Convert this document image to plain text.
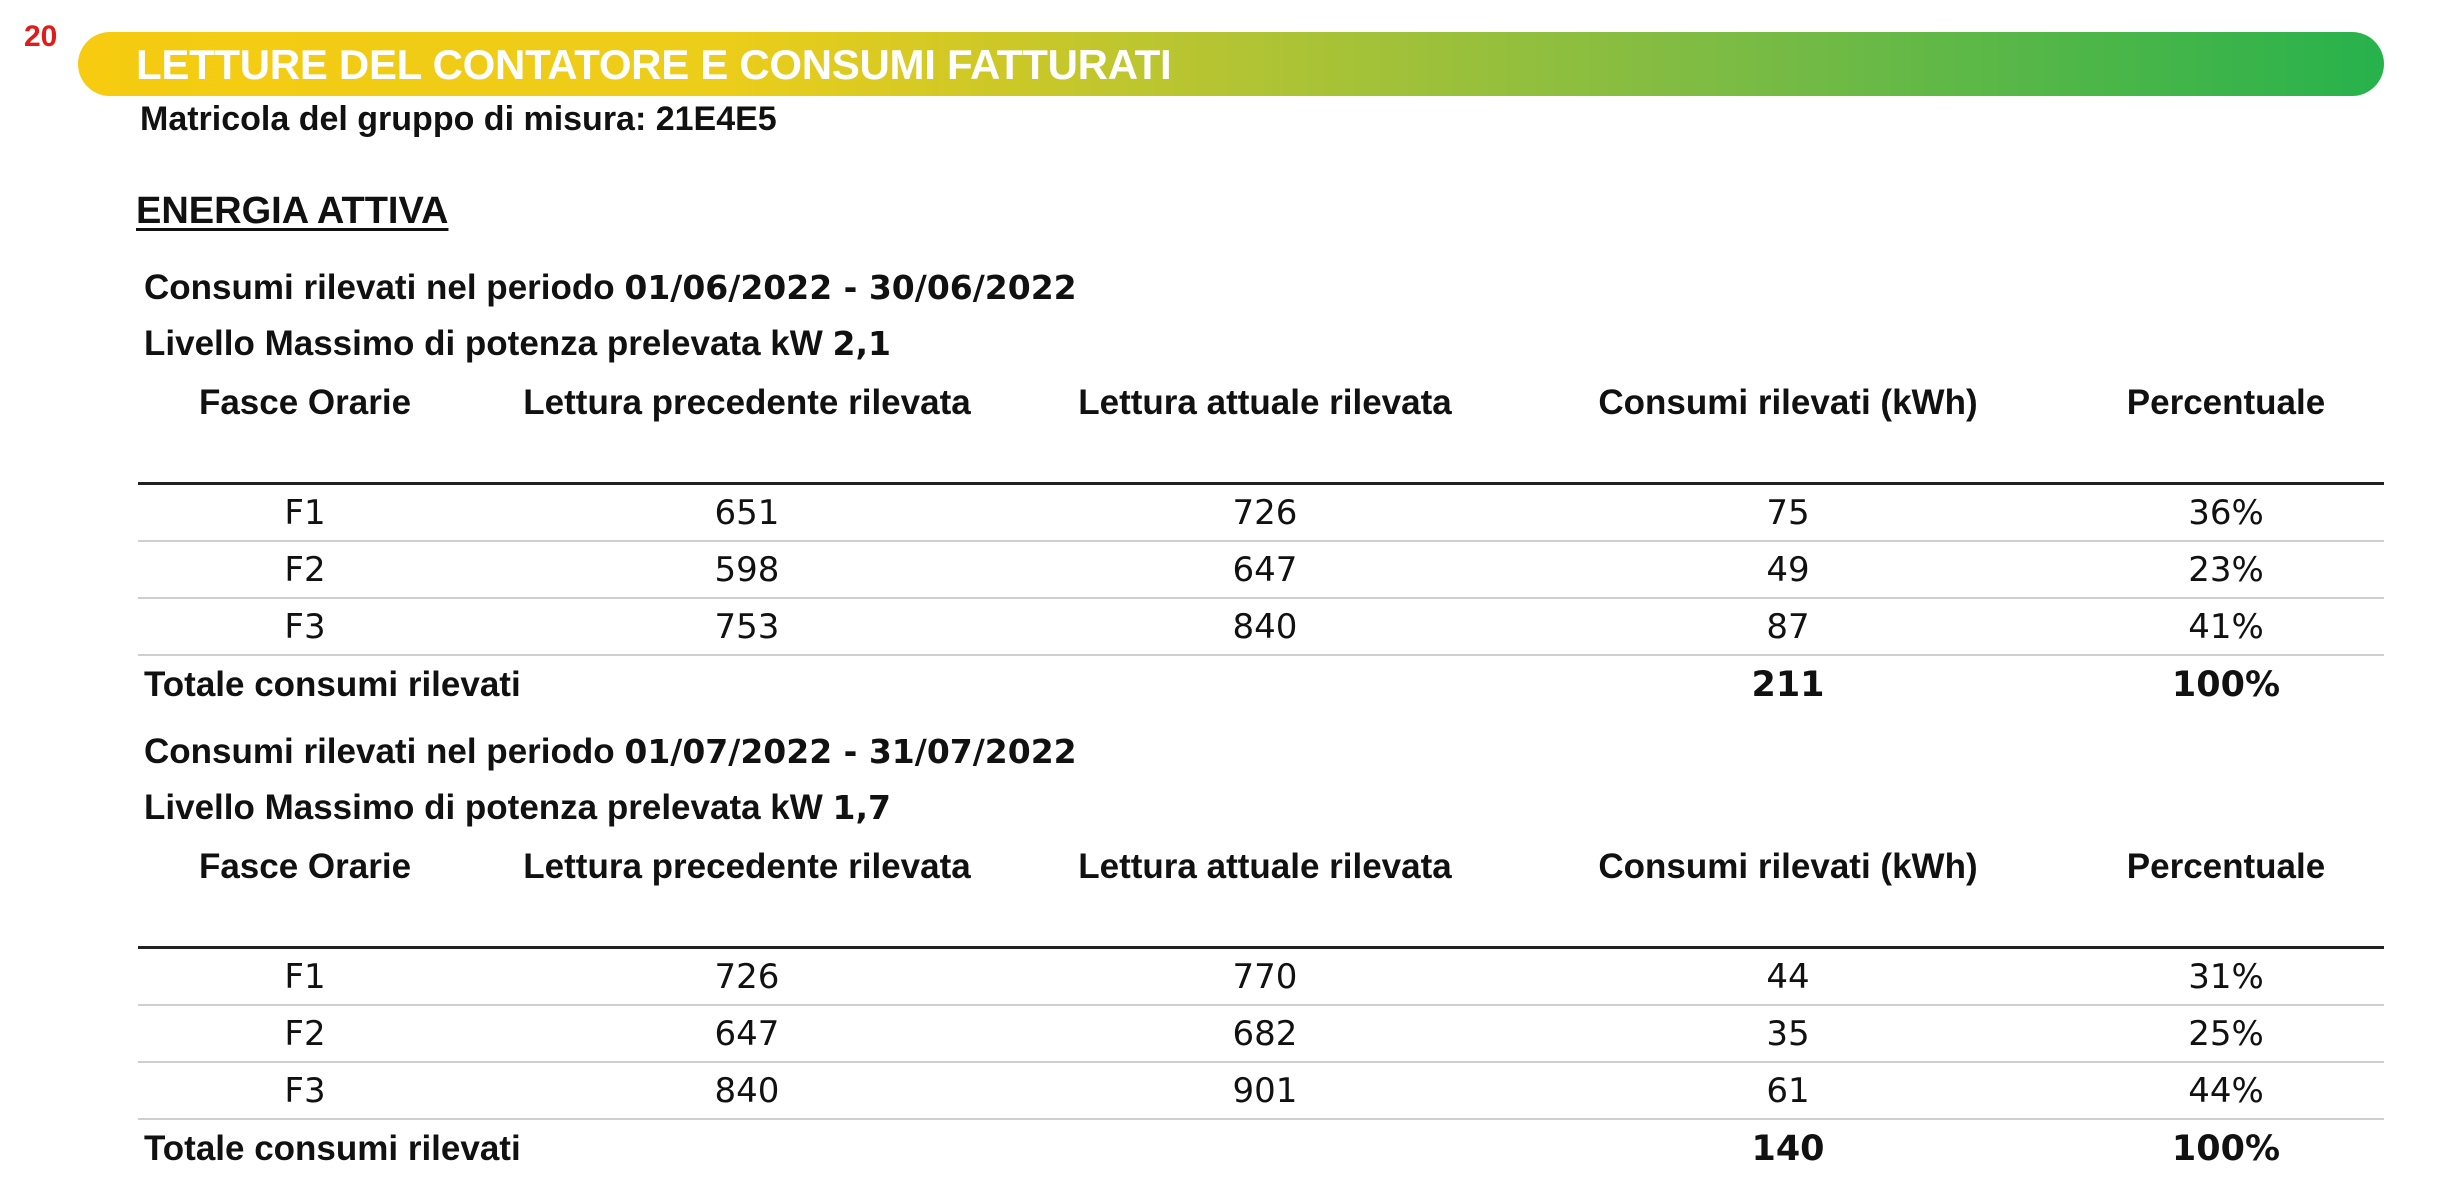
20
LETTURE DEL CONTATORE E CONSUMI FATTURATI
Matricola del gruppo di misura: 21E4E5
ENERGIA ATTIVA
Consumi rilevati nel periodo 01/06/2022 - 30/06/2022
Livello Massimo di potenza prelevata kW 2,1
Fasce Orarie	Lettura precedente rilevata	Lettura attuale rilevata	Consumi rilevati (kWh)	Percentuale
F1	651	726	75	36%
F2	598	647	49	23%
F3	753	840	87	41%
Totale consumi rilevati			211	100%
Consumi rilevati nel periodo 01/07/2022 - 31/07/2022
Livello Massimo di potenza prelevata kW 1,7
Fasce Orarie	Lettura precedente rilevata	Lettura attuale rilevata	Consumi rilevati (kWh)	Percentuale
F1	726	770	44	31%
F2	647	682	35	25%
F3	840	901	61	44%
Totale consumi rilevati			140	100%
